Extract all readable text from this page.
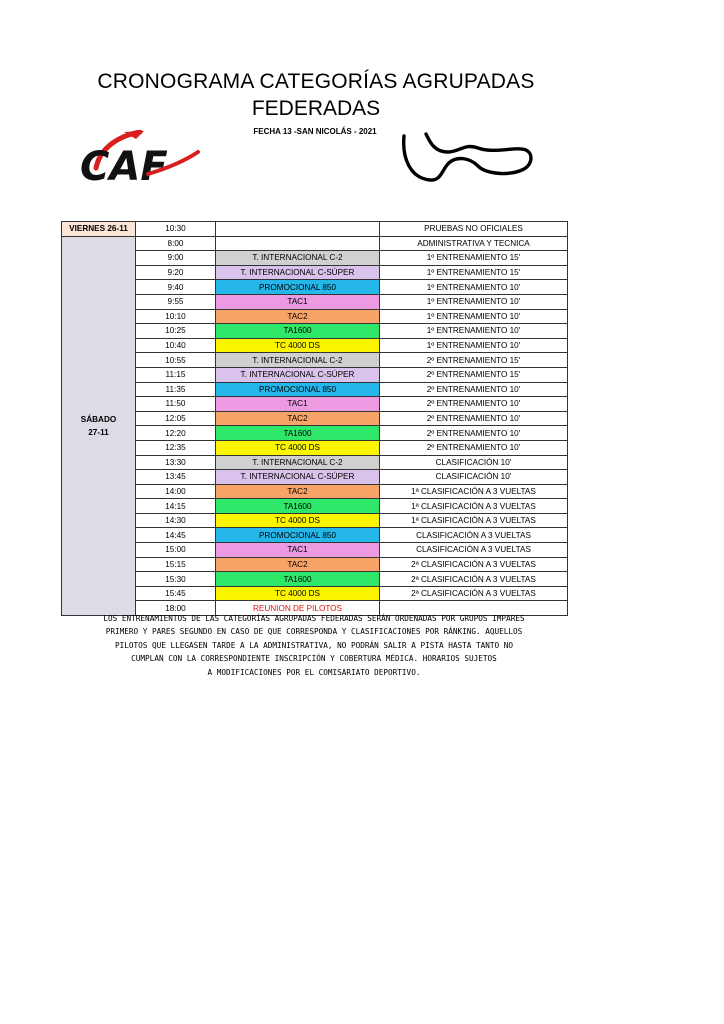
CRONOGRAMA CATEGORÍAS AGRUPADAS
FEDERADAS
FECHA 13 -SAN NICOLÁS - 2021
CAF
VIERNES 26-11	10:30		PRUEBAS NO OFICIALES

SÁBADO
27-11	8:00		ADMINISTRATIVA Y TECNICA
	9:00	T. INTERNACIONAL C-2	1º ENTRENAMIENTO 15'
	9:20	T. INTERNACIONAL C-SÚPER	1º ENTRENAMIENTO 15'
	9:40	PROMOCIONAL 850	1º ENTRENAMIENTO 10'
	9:55	TAC1	1º ENTRENAMIENTO 10'
	10:10	TAC2	1º ENTRENAMIENTO 10'
	10:25	TA1600	1º ENTRENAMIENTO 10'
	10:40	TC 4000 DS	1º ENTRENAMIENTO 10'
	10:55	T. INTERNACIONAL C-2	2º ENTRENAMIENTO 15'
	11:15	T. INTERNACIONAL C-SÚPER	2º ENTRENAMIENTO 15'
	11:35	PROMOCIONAL 850	2º ENTRENAMIENTO 10'
	11:50	TAC1	2º ENTRENAMIENTO 10'
	12:05	TAC2	2º ENTRENAMIENTO 10'
	12:20	TA1600	2º ENTRENAMIENTO 10'
	12:35	TC 4000 DS	2º ENTRENAMIENTO 10'
	13:30	T. INTERNACIONAL C-2	CLASIFICACIÓN 10'
	13:45	T. INTERNACIONAL C-SÚPER	CLASIFICACIÓN 10'
	14:00	TAC2	1ª CLASIFICACIÓN A 3 VUELTAS
	14:15	TA1600	1ª CLASIFICACIÓN A 3 VUELTAS
	14:30	TC 4000 DS	1ª CLASIFICACIÓN A 3 VUELTAS
	14:45	PROMOCIONAL 850	CLASIFICACIÓN A 3 VUELTAS
	15:00	TAC1	CLASIFICACIÓN A 3 VUELTAS
	15:15	TAC2	2ª CLASIFICACIÓN A 3 VUELTAS
	15:30	TA1600	2ª CLASIFICACIÓN A 3 VUELTAS
	15:45	TC 4000 DS	2ª CLASIFICACIÓN A 3 VUELTAS
	18:00	REUNION DE PILOTOS	
LOS ENTRENAMIENTOS DE LAS CATEGORÍAS AGRUPADAS FEDERADAS SERÁN ORDENADAS POR GRUPOS IMPARES
PRIMERO Y PARES SEGUNDO EN CASO DE QUE CORRESPONDA Y CLASIFICACIONES POR RÁNKING. AQUELLOS
PILOTOS QUE LLEGASEN TARDE A LA ADMINISTRATIVA, NO PODRÁN SALIR A PISTA HASTA TANTO NO
CUMPLAN CON LA CORRESPONDIENTE INSCRIPCIÓN Y COBERTURA MÉDICA. HORARIOS SUJETOS
A MODIFICACIONES POR EL COMISARIATO DEPORTIVO.
